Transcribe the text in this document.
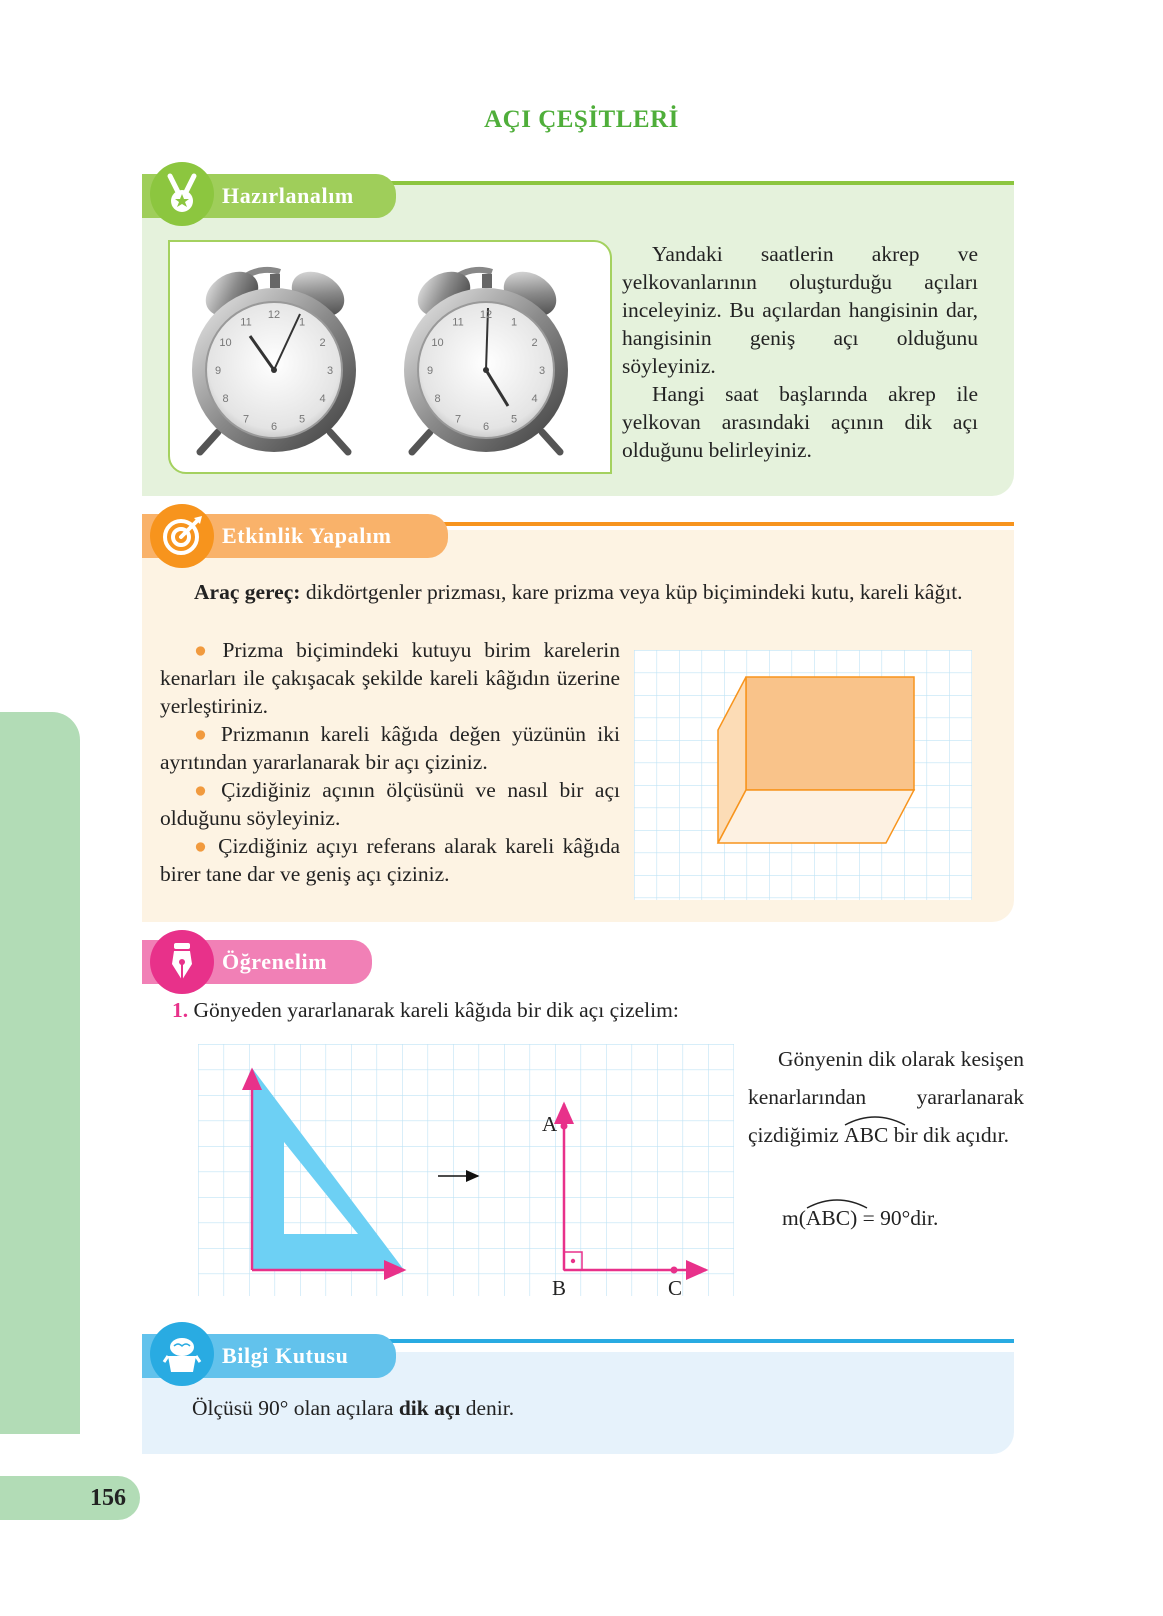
AÇI ÇEŞİTLERİ
Hazırlanalım
12
1
2
3
4
5
6
7
8
9
10
11
12
1
2
3
4
5
6
7
8
9
10
11
Yandaki saatlerin akrep ve yelkovanlarının oluşturduğu açıları inceleyiniz. Bu açılardan hangisinin dar, hangisinin geniş açı olduğunu söyleyiniz.
Hangi saat başlarında akrep ile yelkovan arasındaki açının dik açı olduğunu belirleyiniz.
Etkinlik Yapalım
Araç gereç: dikdörtgenler prizması, kare prizma veya küp biçimindeki kutu, kareli kâğıt.
● Prizma biçimindeki kutuyu birim karelerin kenarları ile çakışacak şekilde kareli kâğıdın üzerine yerleştiriniz.
● Prizmanın kareli kâğıda değen yüzünün iki ayrıtından yararlanarak bir açı çiziniz.
● Çizdiğiniz açının ölçüsünü ve nasıl bir açı olduğunu söyleyiniz.
● Çizdiğiniz açıyı referans alarak kareli kâğıda birer tane dar ve geniş açı çiziniz.
Öğrenelim
1. Gönyeden yararlanarak kareli kâğıda bir dik açı çizelim:
A
B	C
Gönyenin dik olarak kesişen kenarlarından yararlanarak çizdiğimiz ABC bir dik açıdır.
m(
ABC) = 90°dir.
Bilgi Kutusu
Ölçüsü 90° olan açılara dik açı denir.
156
